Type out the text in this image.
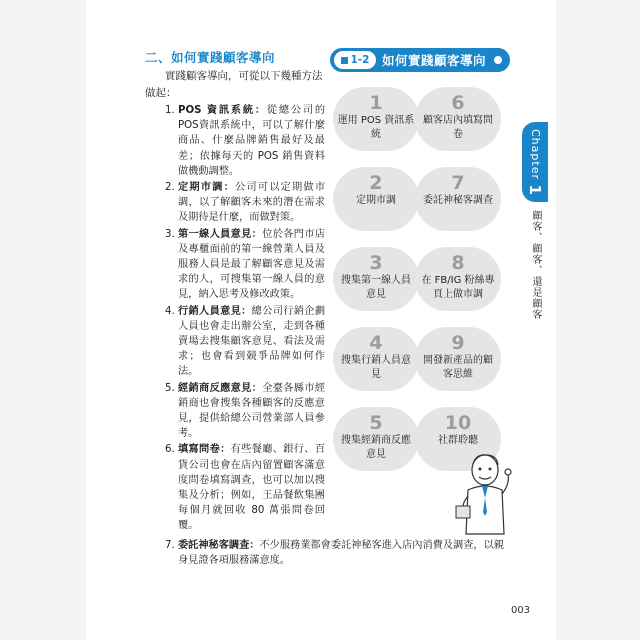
二、如何實踐顧客導向
實踐顧客導向，可從以下幾種方法
做起：
1. POS 資訊系統：從總公司的 POS資訊系統中，可以了解什麼商品、什麼品牌銷售最好及最差；依據每天的 POS 銷售資料做機動調整。
2. 定期市調：公司可以定期做市調，以了解顧客未來的潛在需求及期待是什麼，而做對策。
3. 第一線人員意見：位於各門市店及專櫃面前的第一線營業人員及服務人員是最了解顧客意見及需求的人，可搜集第一線人員的意見，納入思考及修改政策。
4. 行銷人員意見：總公司行銷企劃人員也會走出辦公室，走到各種賣場去搜集顧客意見、看法及需求；也會看到競爭品牌如何作法。
5. 經銷商反應意見：全臺各縣市經銷商也會搜集各種顧客的反應意見，提供給總公司營業部人員參考。
6. 填寫問卷：有些餐廳、銀行、百貨公司也會在店內留置顧客滿意度問卷填寫調查，也可以加以搜集及分析；例如，王品餐飲集團每個月就回收 80 萬張問卷回覆。
7. 委託神秘客調查：不少服務業都會委託神秘客進入店內消費及調查，以親
身見證各項服務滿意度。
1-2 如何實踐顧客導向
1
運用 POS 資訊系統
6
顧客店內填寫問卷
2
定期市調
7
委託神秘客調查
3
搜集第一線人員意見
8
在 FB/IG 粉絲專頁上做市調
4
搜集行銷人員意見
9
開發新產品的顧客思維
5
搜集經銷商反應意見
10
社群聆聽
Chapter 1
顧客、顧客、還是顧客
003
